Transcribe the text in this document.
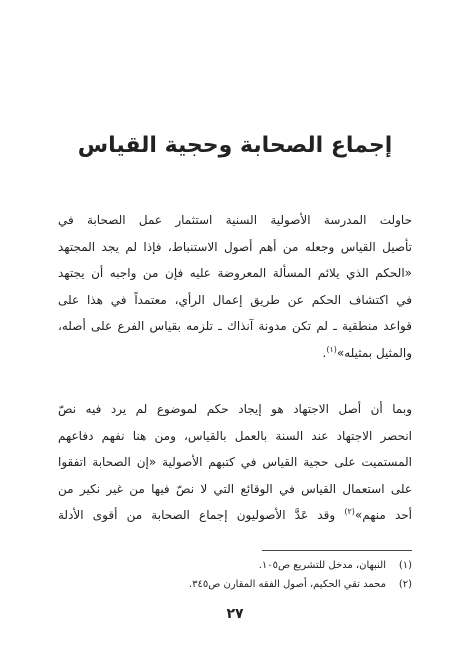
إجماع الصحابة وحجية القياس
حاولت المدرسة الأصولية السنية استثمار عمل الصحابة في
تأصيل القياس وجعله من أهم أصول الاستنباط، فإذا لم يجد المجتهد
«الحكم الذي يلائم المسألة المعروضة عليه فإن من واجبه أن يجتهد
في اكتشاف الحكم عن طريق إعمال الرأي، معتمداً في هذا على
قواعد منطقية ـ لم تكن مدونة آنذاك ـ تلزمه بقياس الفرع على أصله،
والمثيل بمثيله»$^{(١)}$.
وبما أن أصل الاجتهاد هو إيجاد حكم لموضوع لم يرد فيه نصّ
انحصر الاجتهاد عند السنة بالعمل بالقياس، ومن هنا نفهم دفاعهم
المستميت على حجية القياس في كتبهم الأصولية «إن الصحابة اتفقوا
على استعمال القياس في الوقائع التي لا نصّ فيها من غير نكير من
أحد منهم»$^{(٢)}$ وقد عَدَّ الأصوليون إجماع الصحابة من أقوى الأدلة
(١)النبهان، مدخل للتشريع ص١٠٥.
(٢)محمد تقي الحكيم، أصول الفقه المقارن ص٣٤٥.
٢٧
